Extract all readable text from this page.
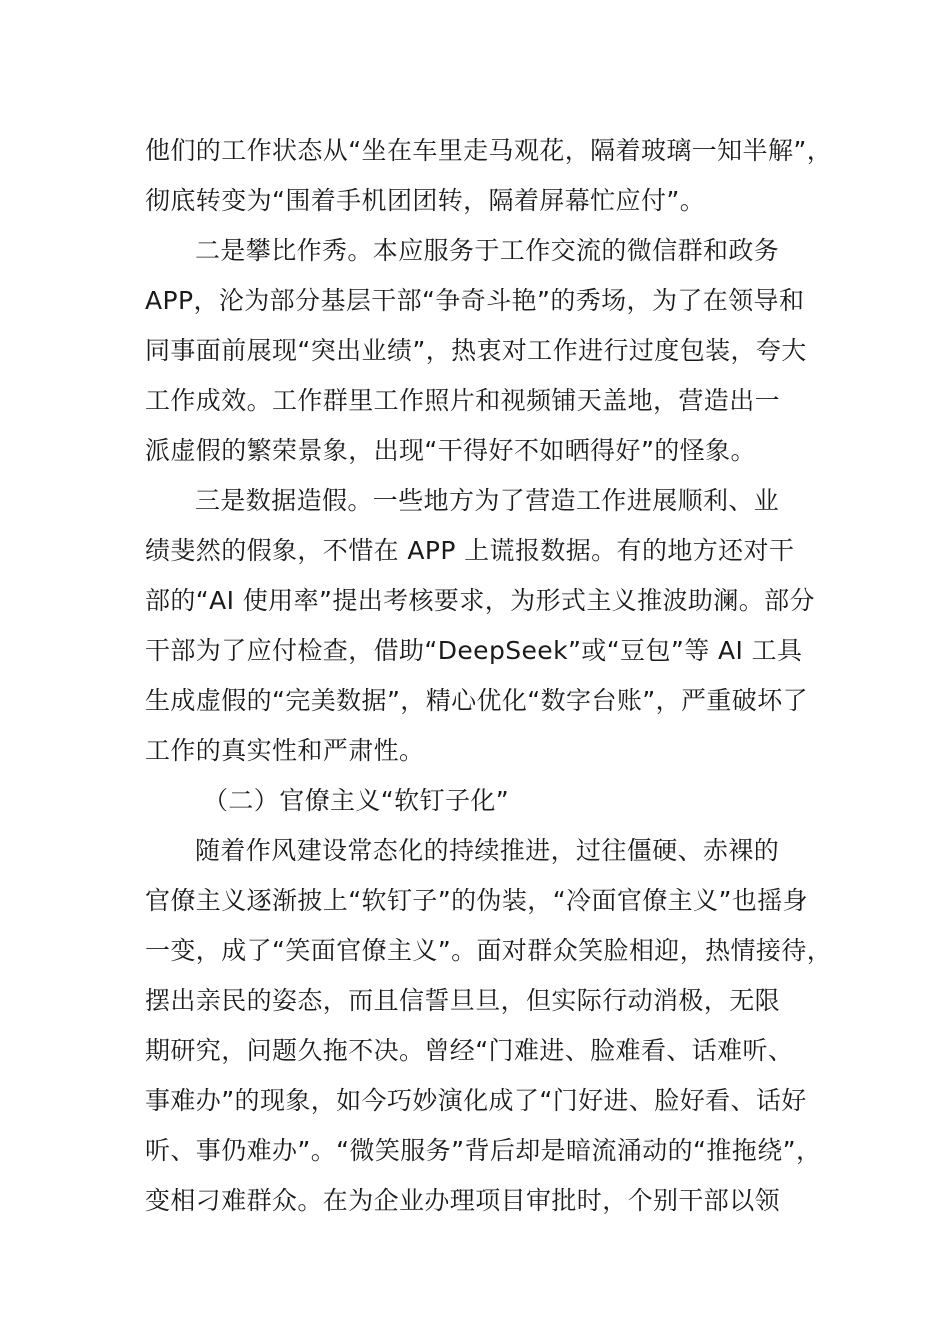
他们的工作状态从“坐在车里走马观花，隔着玻璃一知半解”，
彻底转变为“围着手机团团转，隔着屏幕忙应付”。
二是攀比作秀。本应服务于工作交流的微信群和政务
APP，沦为部分基层干部“争奇斗艳”的秀场，为了在领导和
同事面前展现“突出业绩”，热衷对工作进行过度包装，夸大
工作成效。工作群里工作照片和视频铺天盖地，营造出一
派虚假的繁荣景象，出现“干得好不如晒得好”的怪象。
三是数据造假。一些地方为了营造工作进展顺利、业
绩斐然的假象，不惜在 APP 上谎报数据。有的地方还对干
部的“AI 使用率”提出考核要求，为形式主义推波助澜。部分
干部为了应付检查，借助“DeepSeek”或“豆包”等 AI 工具
生成虚假的“完美数据”，精心优化“数字台账”，严重破坏了
工作的真实性和严肃性。
（二）官僚主义“软钉子化”
随着作风建设常态化的持续推进，过往僵硬、赤裸的
官僚主义逐渐披上“软钉子”的伪装，“冷面官僚主义”也摇身
一变，成了“笑面官僚主义”。面对群众笑脸相迎，热情接待，
摆出亲民的姿态，而且信誓旦旦，但实际行动消极，无限
期研究，问题久拖不决。曾经“门难进、脸难看、话难听、
事难办”的现象，如今巧妙演化成了“门好进、脸好看、话好
听、事仍难办”。“微笑服务”背后却是暗流涌动的“推拖绕”，
变相刁难群众。在为企业办理项目审批时，个别干部以领
